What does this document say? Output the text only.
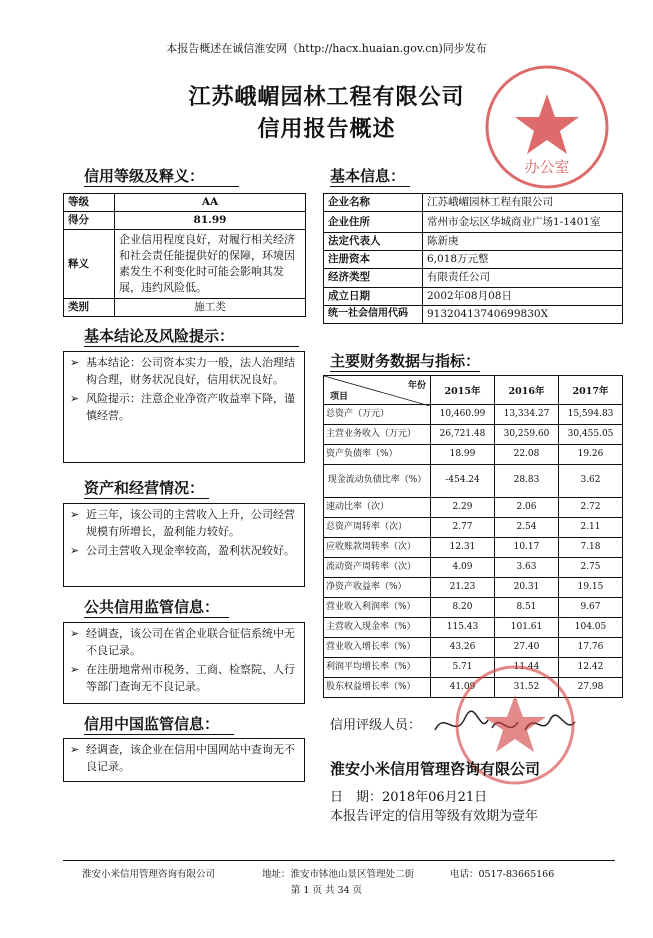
本报告概述在诚信淮安网（http://hacx.huaian.gov.cn)同步发布
江苏峨嵋园林工程有限公司
信用报告概述
办公室
信用等级及释义：
等级	AA
得分	81.99
释义	企业信用程度良好，对履行相关经济和社会责任能提供好的保障，环境因素发生不利变化时可能会影响其发展，违约风险低。
类别	施工类
基本结论及风险提示：
➢ 基本结论：公司资本实力一般，法人治理结构合理，财务状况良好，信用状况良好。
➢ 风险提示：注意企业净资产收益率下降，谨慎经营。
资产和经营情况：
➢ 近三年，该公司的主营收入上升，公司经营规模有所增长，盈利能力较好。
➢ 公司主营收入现金率较高，盈利状况较好。
公共信用监管信息：
➢ 经调查，该公司在省企业联合征信系统中无不良记录。
➢ 在注册地常州市税务、工商、检察院、人行等部门查询无不良记录。
信用中国监管信息：
➢ 经调查，该企业在信用中国网站中查询无不良记录。
基本信息：
企业名称	江苏峨嵋园林工程有限公司
企业住所	常州市金坛区华城商业广场1-1401室
法定代表人	陈新庚
注册资本	6,018万元整
经济类型	有限责任公司
成立日期	2002年08月08日
统一社会信用代码	91320413740699830X
主要财务数据与指标：
年份
项目	2015年	2016年	2017年
总资产（万元）	10,460.99	13,334.27	15,594.83
主营业务收入（万元）	26,721.48	30,259.60	30,455.05
资产负债率（%）	18.99	22.08	19.26
现金流动负债比率（%）	-454.24	28.83	3.62
速动比率（次）	2.29	2.06	2.72
总资产周转率（次）	2.77	2.54	2.11
应收账款周转率（次）	12.31	10.17	7.18
流动资产周转率（次）	4.09	3.63	2.75
净资产收益率（%）	21.23	20.31	19.15
营业收入利润率（%）	8.20	8.51	9.67
主营收入现金率（%）	115.43	101.61	104.05
营业收入增长率（%）	43.26	27.40	17.76
利润平均增长率（%）	5.71	11.44	12.42
股东权益增长率（%）	41.09	31.52	27.98
信用评级人员：
淮安小米信用管理咨询有限公司
日　期：2018年06月21日
本报告评定的信用等级有效期为壹年
淮安小米信用管理咨询有限公司	地址：淮安市钵池山景区管理处二街	电话：0517-83665166
第 1 页 共 34 页
